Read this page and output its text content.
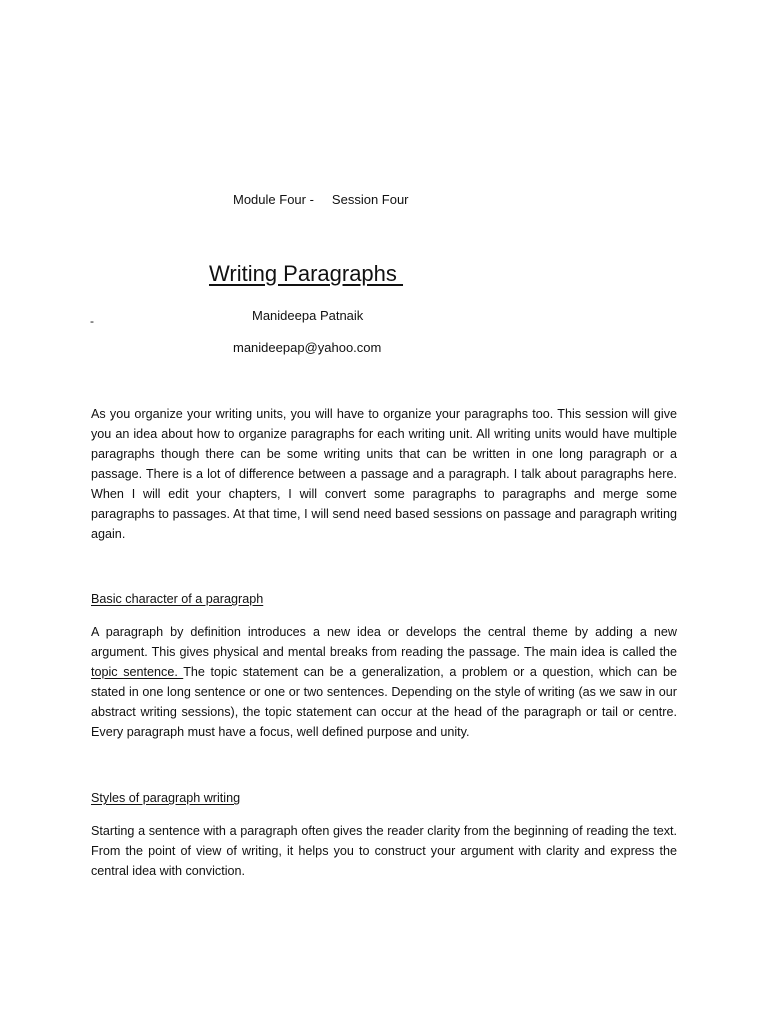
Module Four - Session Four
Writing Paragraphs
-	Manideepa Patnaik
manideepap@yahoo.com

As you organize your writing units, you will have to organize your paragraphs too. This session will give you an idea about how to organize paragraphs for each writing unit. All writing units would have multiple paragraphs though there can be some writing units that can be written in one long paragraph or a passage. There is a lot of difference between a passage and a paragraph. I talk about paragraphs here. When I will edit your chapters, I will convert some paragraphs to paragraphs and merge some paragraphs to passages. At that time, I will send need based sessions on passage and paragraph writing again.

Basic character of a paragraph

A paragraph by definition introduces a new idea or develops the central theme by adding a new argument. This gives physical and mental breaks from reading the passage. The main idea is called the topic sentence. The topic statement can be a generalization, a problem or a question, which can be stated in one long sentence or one or two sentences. Depending on the style of writing (as we saw in our abstract writing sessions), the topic statement can occur at the head of the paragraph or tail or centre. Every paragraph must have a focus, well defined purpose and unity.

Styles of paragraph writing

Starting a sentence with a paragraph often gives the reader clarity from the beginning of reading the text. From the point of view of writing, it helps you to construct your argument with clarity and express the central idea with conviction.
